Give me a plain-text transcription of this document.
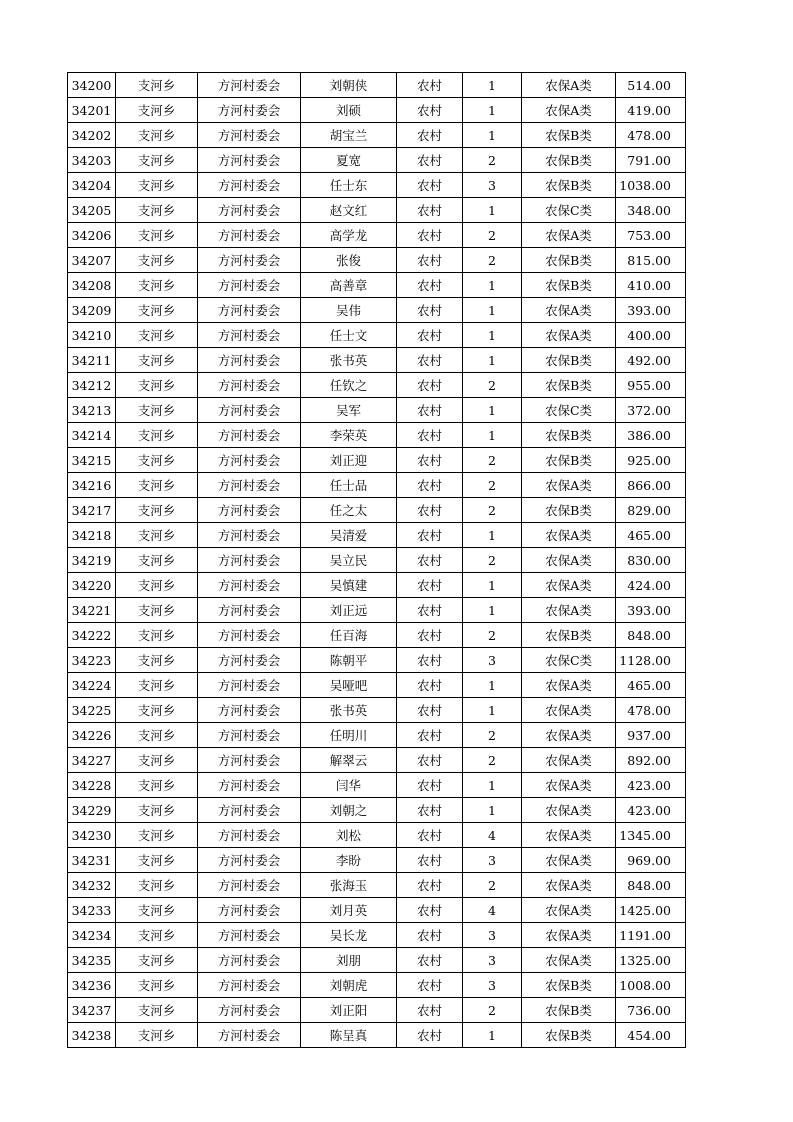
34200	支河乡	方河村委会	刘朝侠	农村	1	农保A类	514.00
34201	支河乡	方河村委会	刘硕	农村	1	农保A类	419.00
34202	支河乡	方河村委会	胡宝兰	农村	1	农保B类	478.00
34203	支河乡	方河村委会	夏宽	农村	2	农保B类	791.00
34204	支河乡	方河村委会	任士东	农村	3	农保B类	1038.00
34205	支河乡	方河村委会	赵文红	农村	1	农保C类	348.00
34206	支河乡	方河村委会	高学龙	农村	2	农保A类	753.00
34207	支河乡	方河村委会	张俊	农村	2	农保B类	815.00
34208	支河乡	方河村委会	高善章	农村	1	农保B类	410.00
34209	支河乡	方河村委会	吴伟	农村	1	农保A类	393.00
34210	支河乡	方河村委会	任士文	农村	1	农保A类	400.00
34211	支河乡	方河村委会	张书英	农村	1	农保B类	492.00
34212	支河乡	方河村委会	任钦之	农村	2	农保B类	955.00
34213	支河乡	方河村委会	吴军	农村	1	农保C类	372.00
34214	支河乡	方河村委会	李荣英	农村	1	农保B类	386.00
34215	支河乡	方河村委会	刘正迎	农村	2	农保B类	925.00
34216	支河乡	方河村委会	任士品	农村	2	农保A类	866.00
34217	支河乡	方河村委会	任之太	农村	2	农保B类	829.00
34218	支河乡	方河村委会	吴清爱	农村	1	农保A类	465.00
34219	支河乡	方河村委会	吴立民	农村	2	农保A类	830.00
34220	支河乡	方河村委会	吴慎建	农村	1	农保A类	424.00
34221	支河乡	方河村委会	刘正远	农村	1	农保A类	393.00
34222	支河乡	方河村委会	任百海	农村	2	农保B类	848.00
34223	支河乡	方河村委会	陈朝平	农村	3	农保C类	1128.00
34224	支河乡	方河村委会	吴哑吧	农村	1	农保A类	465.00
34225	支河乡	方河村委会	张书英	农村	1	农保A类	478.00
34226	支河乡	方河村委会	任明川	农村	2	农保A类	937.00
34227	支河乡	方河村委会	解翠云	农村	2	农保A类	892.00
34228	支河乡	方河村委会	闫华	农村	1	农保A类	423.00
34229	支河乡	方河村委会	刘朝之	农村	1	农保A类	423.00
34230	支河乡	方河村委会	刘松	农村	4	农保A类	1345.00
34231	支河乡	方河村委会	李盼	农村	3	农保A类	969.00
34232	支河乡	方河村委会	张海玉	农村	2	农保A类	848.00
34233	支河乡	方河村委会	刘月英	农村	4	农保A类	1425.00
34234	支河乡	方河村委会	吴长龙	农村	3	农保A类	1191.00
34235	支河乡	方河村委会	刘朋	农村	3	农保A类	1325.00
34236	支河乡	方河村委会	刘朝虎	农村	3	农保B类	1008.00
34237	支河乡	方河村委会	刘正阳	农村	2	农保B类	736.00
34238	支河乡	方河村委会	陈呈真	农村	1	农保B类	454.00
